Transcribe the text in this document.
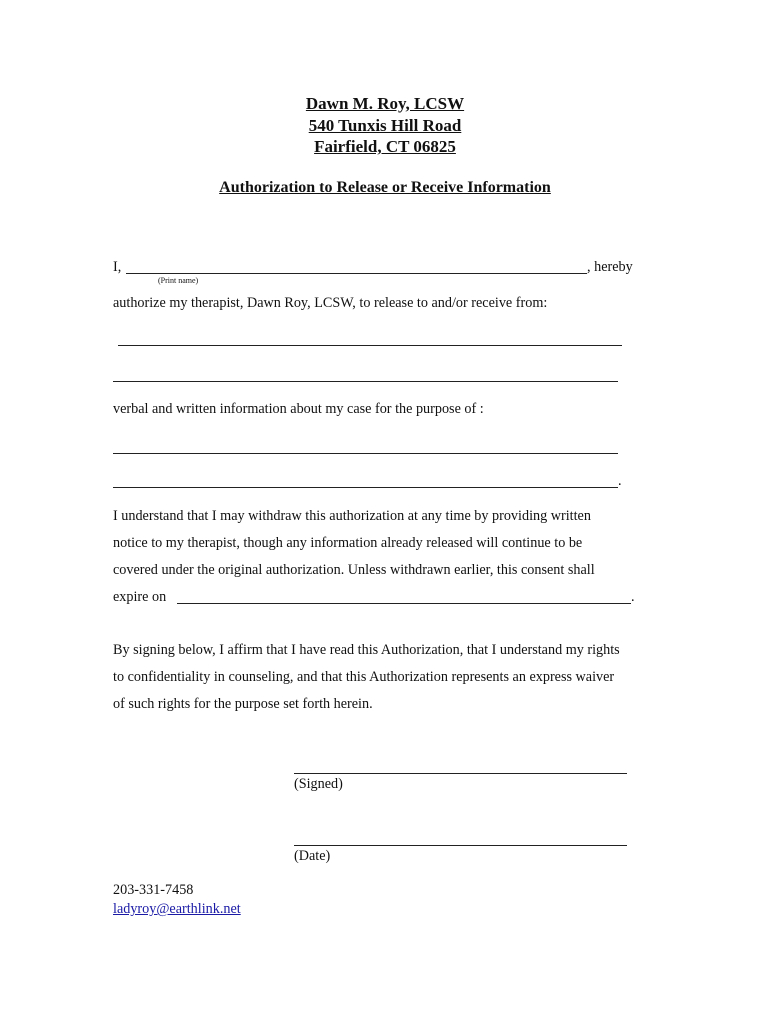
Dawn M. Roy, LCSW
540 Tunxis Hill Road
Fairfield, CT 06825
Authorization to Release or Receive Information
I,	, hereby
(Print name)
authorize my therapist, Dawn Roy, LCSW, to release to and/or receive from:
verbal and written information about my case for the purpose of :
.
I understand that I may withdraw this authorization at any time by providing written
notice to my therapist, though any information already released will continue to be
covered under the original authorization. Unless withdrawn earlier, this consent shall
expire on	.
By signing below, I affirm that I have read this Authorization, that I understand my rights
to confidentiality in counseling, and that this Authorization represents an express waiver
of such rights for the purpose set forth herein.
(Signed)
(Date)
203-331-7458
ladyroy@earthlink.net
